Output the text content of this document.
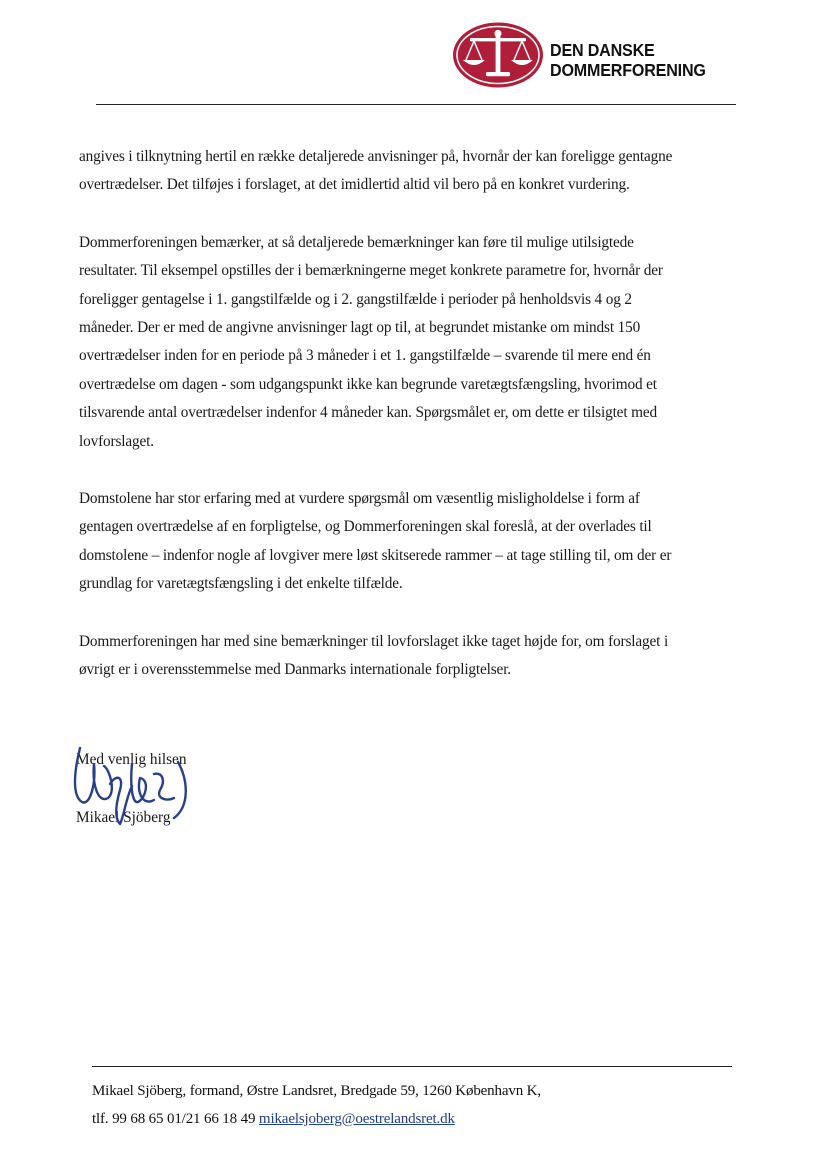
DEN DANSKE
DOMMERFORENING

angives i tilknytning hertil en række detaljerede anvisninger på, hvornår der kan foreligge gentagne
overtrædelser. Det tilføjes i forslaget, at det imidlertid altid vil bero på en konkret vurdering.

Dommerforeningen bemærker, at så detaljerede bemærkninger kan føre til mulige utilsigtede
resultater. Til eksempel opstilles der i bemærkningerne meget konkrete parametre for, hvornår der
foreligger gentagelse i 1. gangstilfælde og i 2. gangstilfælde i perioder på henholdsvis 4 og 2
måneder. Der er med de angivne anvisninger lagt op til, at begrundet mistanke om mindst 150
overtrædelser inden for en periode på 3 måneder i et 1. gangstilfælde – svarende til mere end én
overtrædelse om dagen - som udgangspunkt ikke kan begrunde varetægtsfængsling, hvorimod et
tilsvarende antal overtrædelser indenfor 4 måneder kan. Spørgsmålet er, om dette er tilsigtet med
lovforslaget.

Domstolene har stor erfaring med at vurdere spørgsmål om væsentlig misligholdelse i form af
gentagen overtrædelse af en forpligtelse, og Dommerforeningen skal foreslå, at der overlades til
domstolene – indenfor nogle af lovgiver mere løst skitserede rammer – at tage stilling til, om der er
grundlag for varetægtsfængsling i det enkelte tilfælde.

Dommerforeningen har med sine bemærkninger til lovforslaget ikke taget højde for, om forslaget i
øvrigt er i overensstemmelse med Danmarks internationale forpligtelser.

Med venlig hilsen
Mikael Sjöberg
Mikael Sjöberg, formand, Østre Landsret, Bredgade 59, 1260 København K,
tlf. 99 68 65 01/21 66 18 49 mikaelsjoberg@oestrelandsret.dk
